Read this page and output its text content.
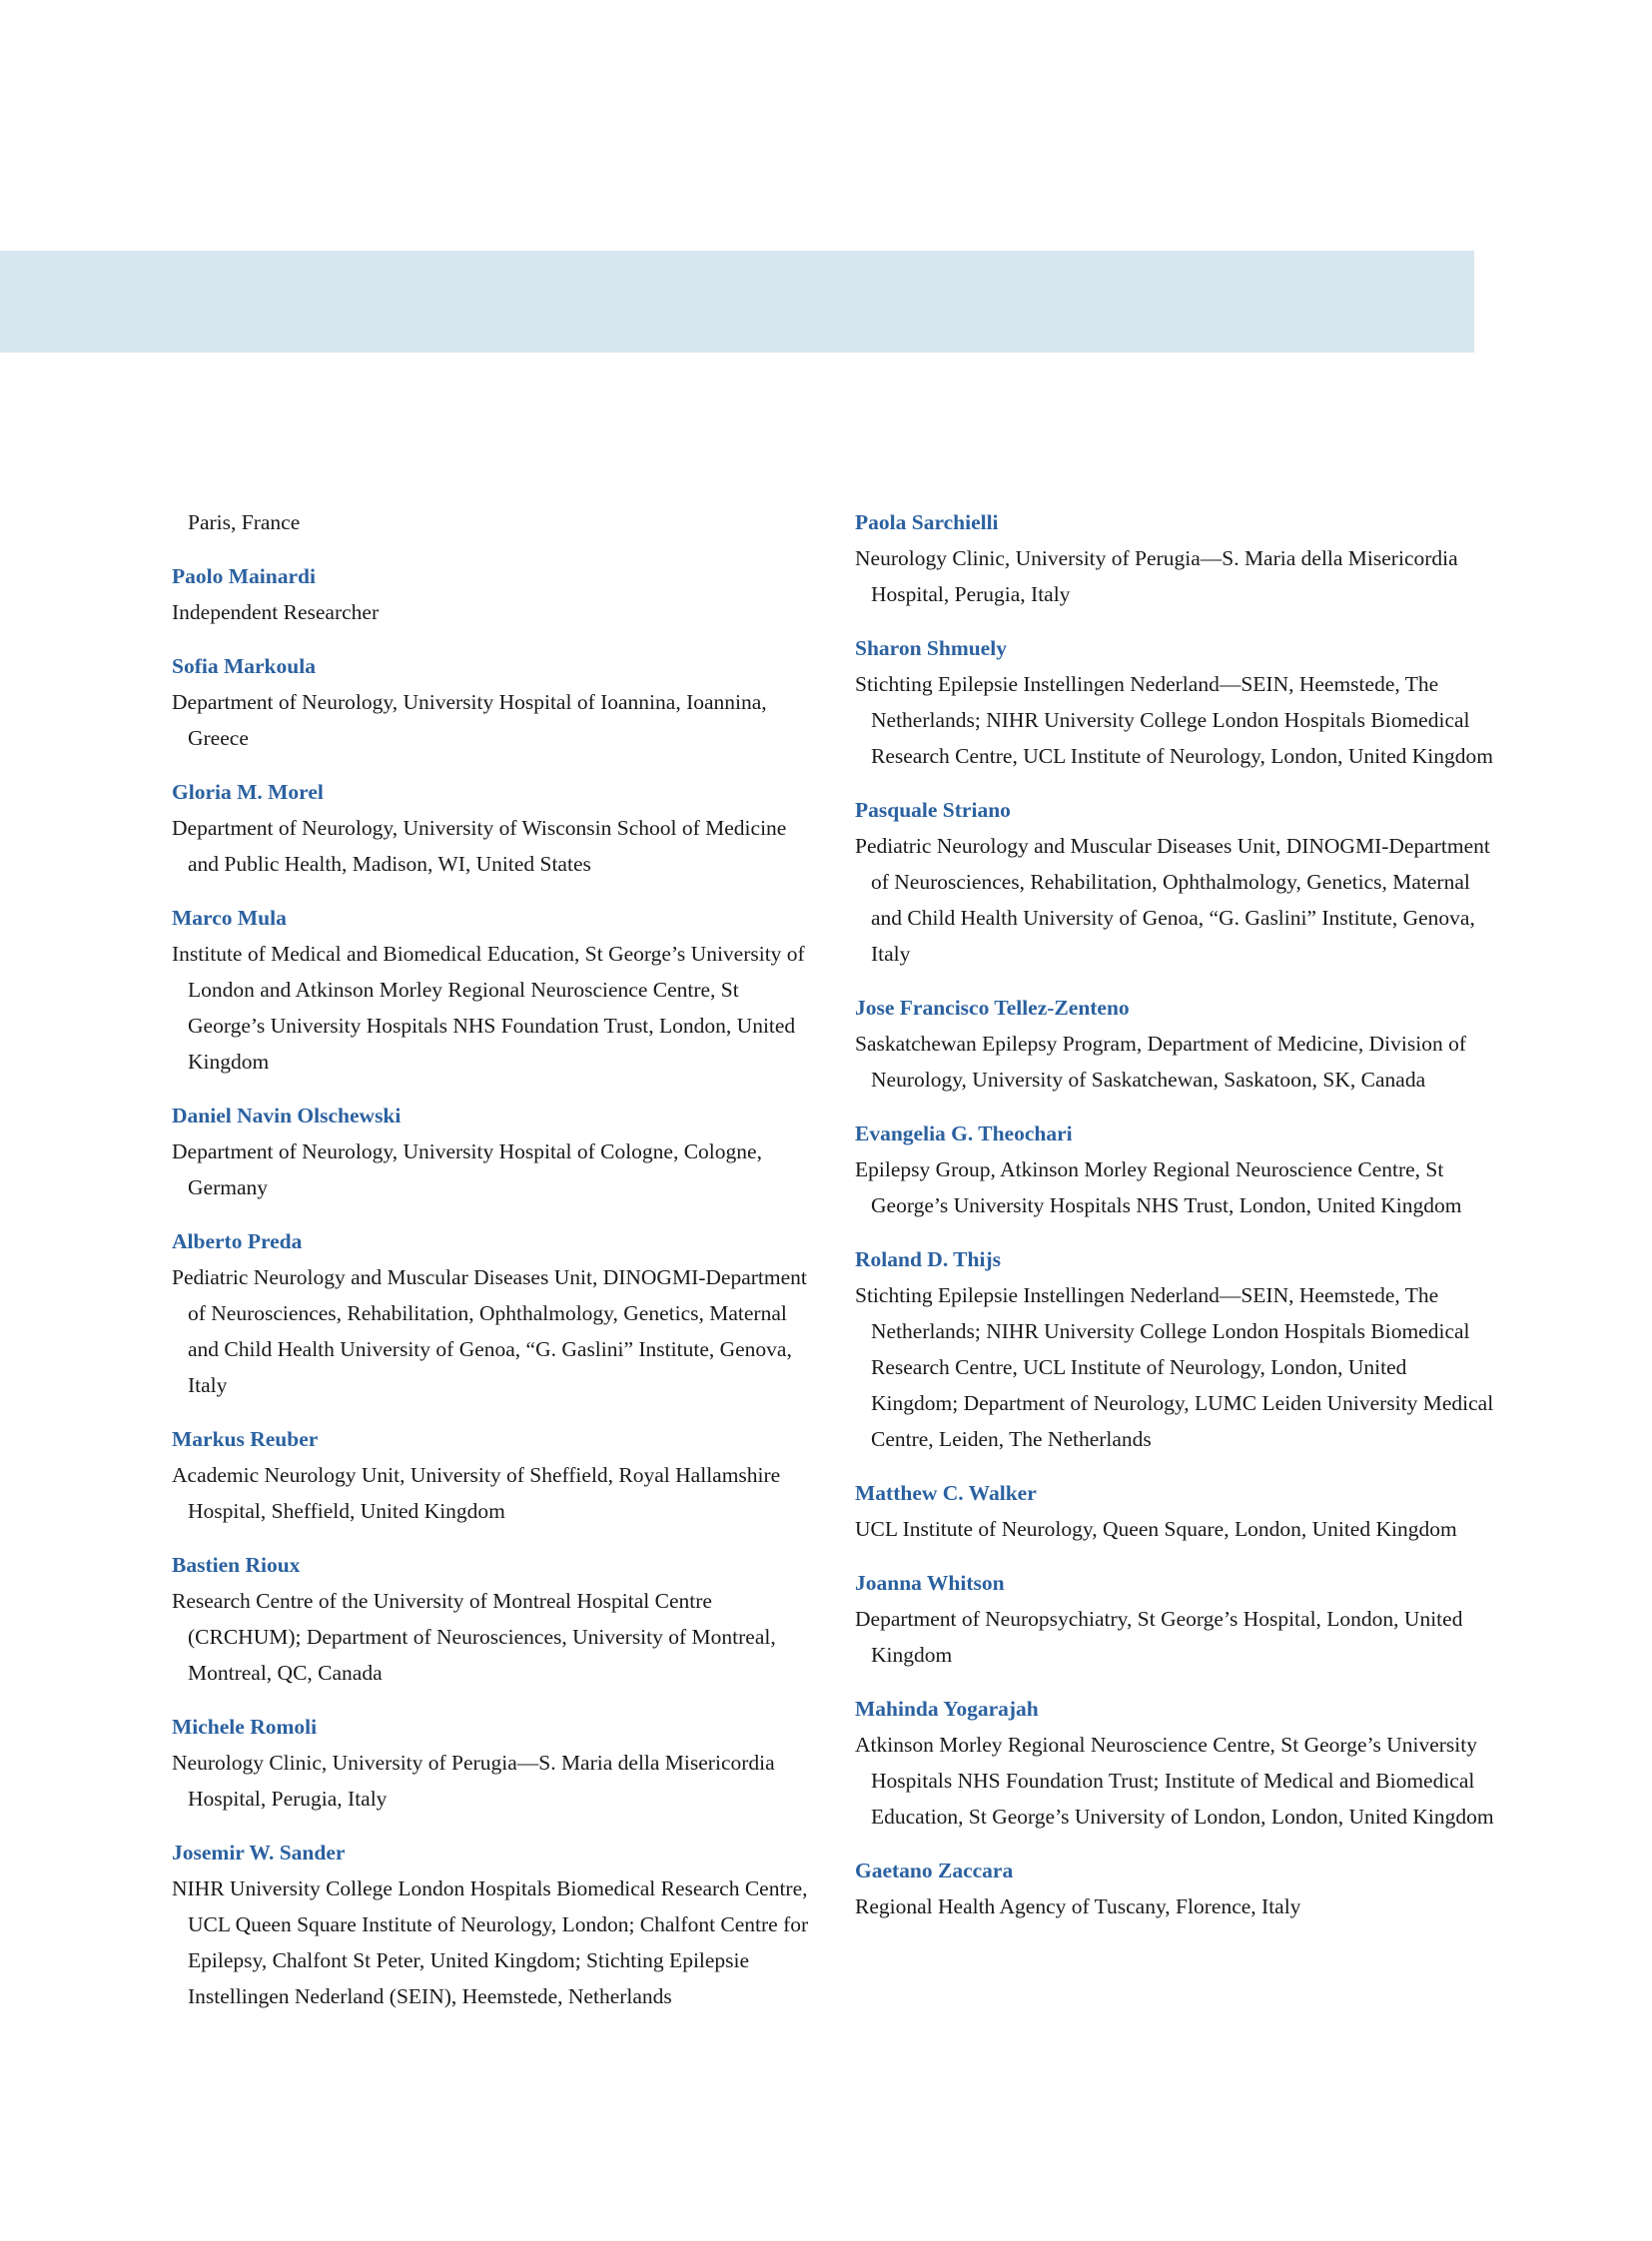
Paris, France
Paolo Mainardi
Independent Researcher
Sofia Markoula
Department of Neurology, University Hospital of Ioannina, Ioannina, Greece
Gloria M. Morel
Department of Neurology, University of Wisconsin School of Medicine and Public Health, Madison, WI, United States
Marco Mula
Institute of Medical and Biomedical Education, St George’s University of London and Atkinson Morley Regional Neuroscience Centre, St George’s University Hospitals NHS Foundation Trust, London, United Kingdom
Daniel Navin Olschewski
Department of Neurology, University Hospital of Cologne, Cologne, Germany
Alberto Preda
Pediatric Neurology and Muscular Diseases Unit, DINOGMI-Department of Neurosciences, Rehabilitation, Ophthalmology, Genetics, Maternal and Child Health University of Genoa, “G. Gaslini” Institute, Genova, Italy
Markus Reuber
Academic Neurology Unit, University of Sheffield, Royal Hallamshire Hospital, Sheffield, United Kingdom
Bastien Rioux
Research Centre of the University of Montreal Hospital Centre (CRCHUM); Department of Neurosciences, University of Montreal, Montreal, QC, Canada
Michele Romoli
Neurology Clinic, University of Perugia—S. Maria della Misericordia Hospital, Perugia, Italy
Josemir W. Sander
NIHR University College London Hospitals Biomedical Research Centre, UCL Queen Square Institute of Neurology, London; Chalfont Centre for Epilepsy, Chalfont St Peter, United Kingdom; Stichting Epilepsie Instellingen Nederland (SEIN), Heemstede, Netherlands
Paola Sarchielli
Neurology Clinic, University of Perugia—S. Maria della Misericordia Hospital, Perugia, Italy
Sharon Shmuely
Stichting Epilepsie Instellingen Nederland—SEIN, Heemstede, The Netherlands; NIHR University College London Hospitals Biomedical Research Centre, UCL Institute of Neurology, London, United Kingdom
Pasquale Striano
Pediatric Neurology and Muscular Diseases Unit, DINOGMI-Department of Neurosciences, Rehabilitation, Ophthalmology, Genetics, Maternal and Child Health University of Genoa, “G. Gaslini” Institute, Genova, Italy
Jose Francisco Tellez-Zenteno
Saskatchewan Epilepsy Program, Department of Medicine, Division of Neurology, University of Saskatchewan, Saskatoon, SK, Canada
Evangelia G. Theochari
Epilepsy Group, Atkinson Morley Regional Neuroscience Centre, St George’s University Hospitals NHS Trust, London, United Kingdom
Roland D. Thijs
Stichting Epilepsie Instellingen Nederland—SEIN, Heemstede, The Netherlands; NIHR University College London Hospitals Biomedical Research Centre, UCL Institute of Neurology, London, United Kingdom; Department of Neurology, LUMC Leiden University Medical Centre, Leiden, The Netherlands
Matthew C. Walker
UCL Institute of Neurology, Queen Square, London, United Kingdom
Joanna Whitson
Department of Neuropsychiatry, St George’s Hospital, London, United Kingdom
Mahinda Yogarajah
Atkinson Morley Regional Neuroscience Centre, St George’s University Hospitals NHS Foundation Trust; Institute of Medical and Biomedical Education, St George’s University of London, London, United Kingdom
Gaetano Zaccara
Regional Health Agency of Tuscany, Florence, Italy
